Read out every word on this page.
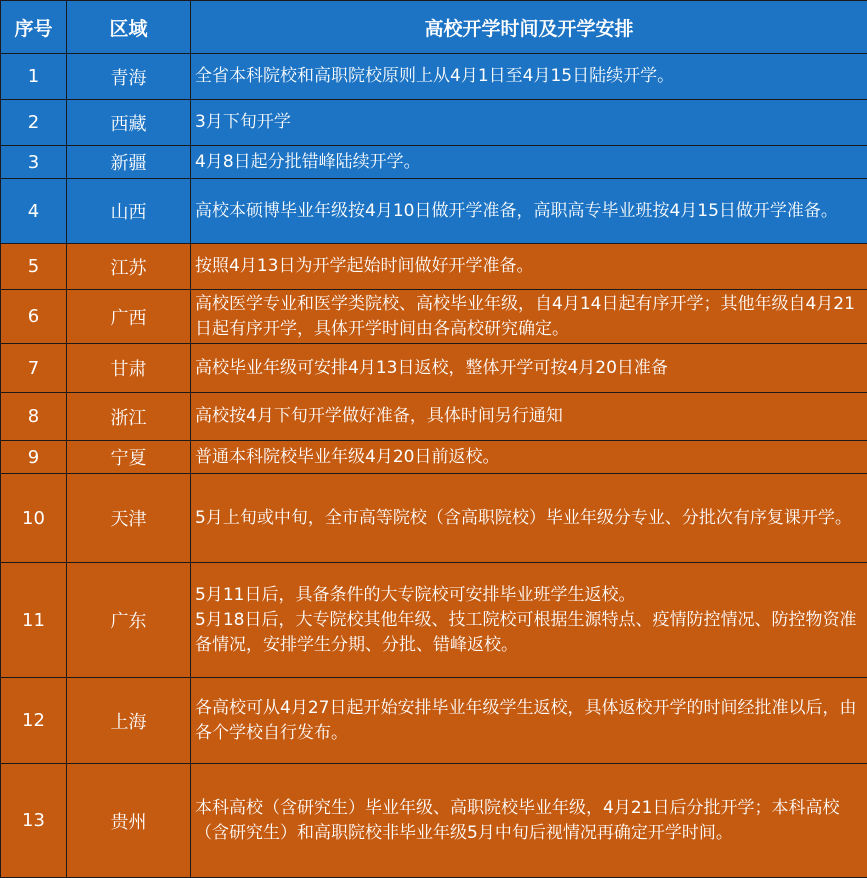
序号	区域	高校开学时间及开学安排
1	青海	全省本科院校和高职院校原则上从4月1日至4月15日陆续开学。

2	西藏	3月下旬开学

3	新疆	4月8日起分批错峰陆续开学。

4	山西	高校本硕博毕业年级按4月10日做开学准备，高职高专毕业班按4月15日做开学准备。

5	江苏	按照4月13日为开学起始时间做好开学准备。

6	广西	高校医学专业和医学类院校、高校毕业年级，自4月14日起有序开学；其他年级自4月21日起有序开学，具体开学时间由各高校研究确定。

7	甘肃	高校毕业年级可安排4月13日返校，整体开学可按4月20日准备

8	浙江	高校按4月下旬开学做好准备，具体时间另行通知

9	宁夏	普通本科院校毕业年级4月20日前返校。

10	天津	5月上旬或中旬，全市高等院校（含高职院校）毕业年级分专业、分批次有序复课开学。

11	广东	5月11日后，具备条件的大专院校可安排毕业班学生返校。
5月18日后，大专院校其他年级、技工院校可根据生源特点、疫情防控情况、防控物资准备情况，安排学生分期、分批、错峰返校。

12	上海	各高校可从4月27日起开始安排毕业年级学生返校，具体返校开学的时间经批准以后，由各个学校自行发布。

13	贵州	本科高校（含研究生）毕业年级、高职院校毕业年级，4月21日后分批开学；本科高校（含研究生）和高职院校非毕业年级5月中旬后视情况再确定开学时间。
